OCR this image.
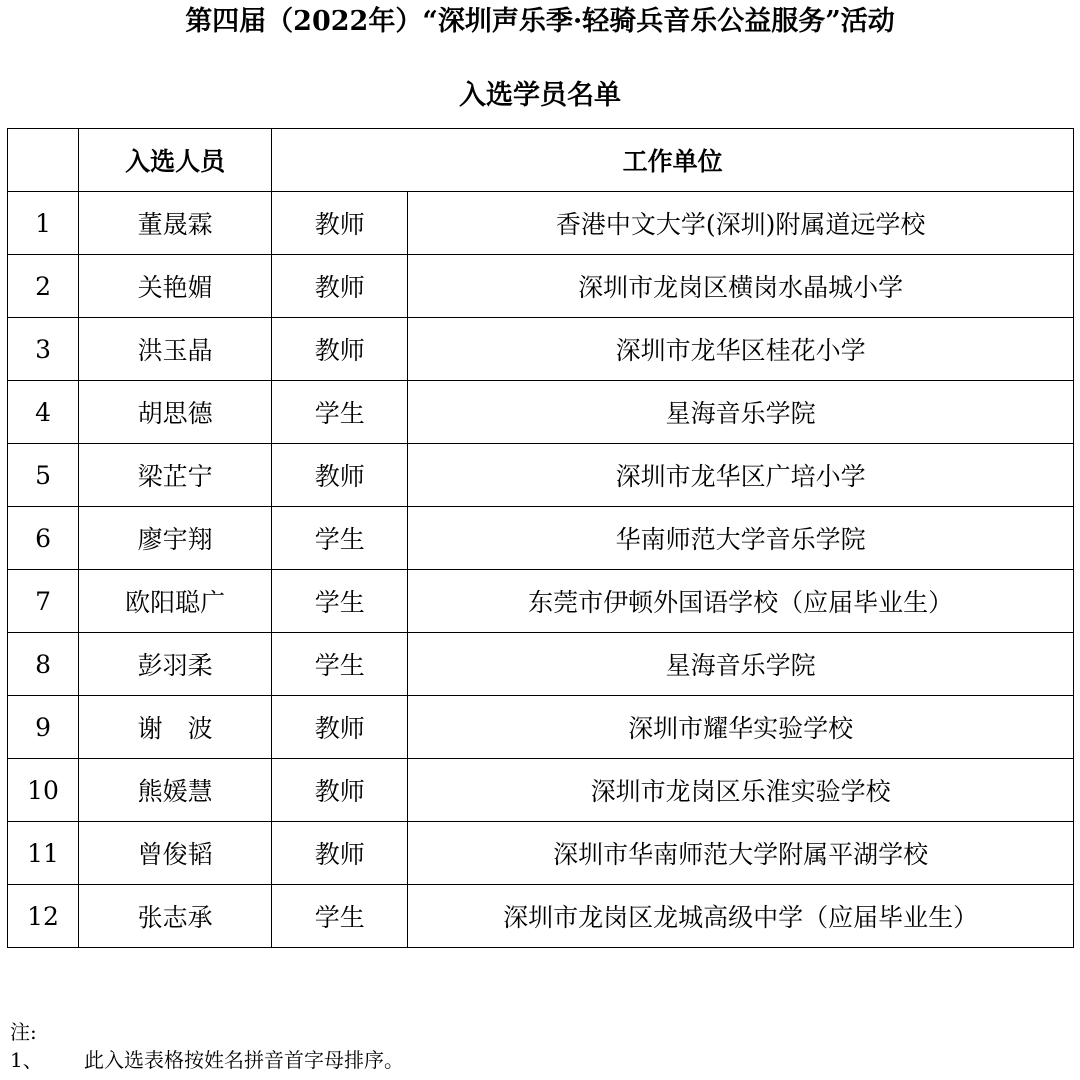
第四届（2022年）“深圳声乐季·轻骑兵音乐公益服务”活动
入选学员名单
	入选人员	工作单位	
1	董晟霖	教师	香港中文大学(深圳)附属道远学校
2	关艳媚	教师	深圳市龙岗区横岗水晶城小学
3	洪玉晶	教师	深圳市龙华区桂花小学
4	胡思德	学生	星海音乐学院
5	梁芷宁	教师	深圳市龙华区广培小学
6	廖宇翔	学生	华南师范大学音乐学院
7	欧阳聪广	学生	东莞市伊顿外国语学校（应届毕业生）
8	彭羽柔	学生	星海音乐学院
9	谢　波	教师	深圳市耀华实验学校
10	熊媛慧	教师	深圳市龙岗区乐淮实验学校
11	曾俊韬	教师	深圳市华南师范大学附属平湖学校
12	张志承	学生	深圳市龙岗区龙城高级中学（应届毕业生）
注:
1、	此入选表格按姓名拼音首字母排序。
